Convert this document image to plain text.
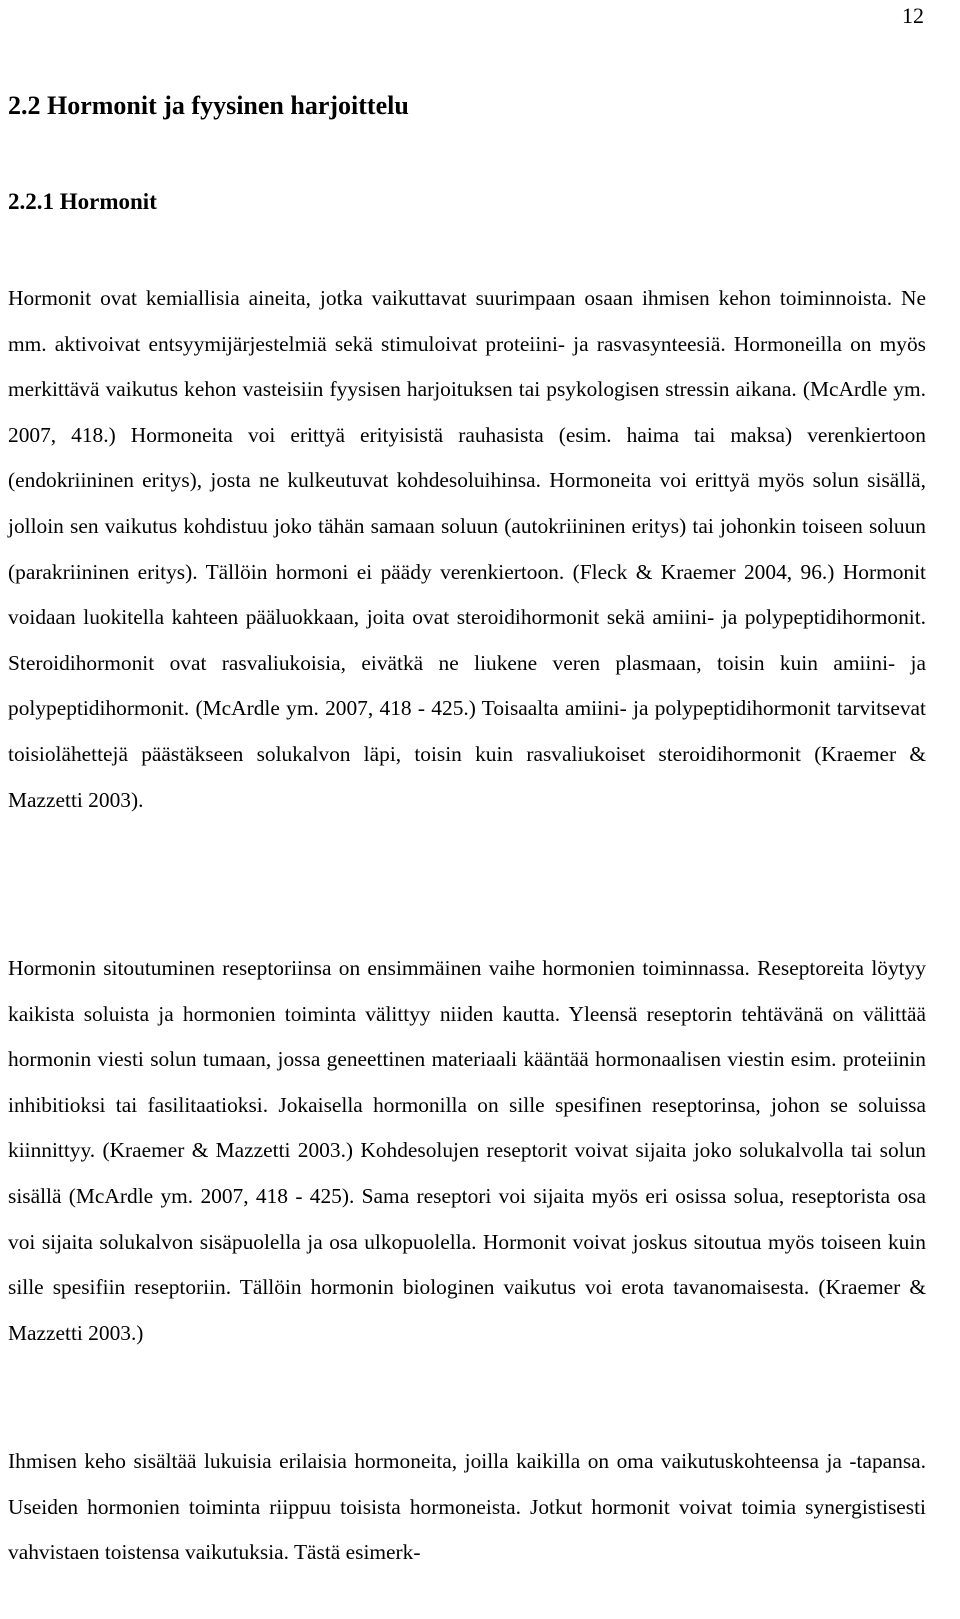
12
2.2 Hormonit ja fyysinen harjoittelu
2.2.1 Hormonit

Hormonit ovat kemiallisia aineita, jotka vaikuttavat suurimpaan osaan ihmisen kehon toiminnoista. Ne mm. aktivoivat entsyymijärjestelmiä sekä stimuloivat proteiini- ja rasvasynteesiä. Hormoneilla on myös merkittävä vaikutus kehon vasteisiin fyysisen harjoituksen tai psykologisen stressin aikana. (McArdle ym. 2007, 418.) Hormoneita voi erittyä erityisistä rauhasista (esim. haima tai maksa) verenkiertoon (endokriininen eritys), josta ne kulkeutuvat kohdesoluihinsa. Hormoneita voi erittyä myös solun sisällä, jolloin sen vaikutus kohdistuu joko tähän samaan soluun (autokriininen eritys) tai johonkin toiseen soluun (parakriininen eritys). Tällöin hormoni ei päädy verenkiertoon. (Fleck & Kraemer 2004, 96.) Hormonit voidaan luokitella kahteen pääluokkaan, joita ovat steroidihormonit sekä amiini- ja polypeptidihormonit. Steroidihormonit ovat rasvaliukoisia, eivätkä ne liukene veren plasmaan, toisin kuin amiini- ja polypeptidihormonit. (McArdle ym. 2007, 418 - 425.) Toisaalta amiini- ja polypeptidihormonit tarvitsevat toisiolähettejä päästäkseen solukalvon läpi, toisin kuin rasvaliukoiset steroidihormonit (Kraemer & Mazzetti 2003).

Hormonin sitoutuminen reseptoriinsa on ensimmäinen vaihe hormonien toiminnassa. Reseptoreita löytyy kaikista soluista ja hormonien toiminta välittyy niiden kautta. Yleensä reseptorin tehtävänä on välittää hormonin viesti solun tumaan, jossa geneettinen materiaali kääntää hormonaalisen viestin esim. proteiinin inhibitioksi tai fasilitaatioksi. Jokaisella hormonilla on sille spesifinen reseptorinsa, johon se soluissa kiinnittyy. (Kraemer & Mazzetti 2003.) Kohdesolujen reseptorit voivat sijaita joko solukalvolla tai solun sisällä (McArdle ym. 2007, 418 - 425). Sama reseptori voi sijaita myös eri osissa solua, reseptorista osa voi sijaita solukalvon sisäpuolella ja osa ulkopuolella. Hormonit voivat joskus sitoutua myös toiseen kuin sille spesifiin reseptoriin. Tällöin hormonin biologinen vaikutus voi erota tavanomaisesta. (Kraemer & Mazzetti 2003.)

Ihmisen keho sisältää lukuisia erilaisia hormoneita, joilla kaikilla on oma vaikutuskohteensa ja -tapansa. Useiden hormonien toiminta riippuu toisista hormoneista. Jotkut hormonit voivat toimia synergistisesti vahvistaen toistensa vaikutuksia. Tästä esimerk-
